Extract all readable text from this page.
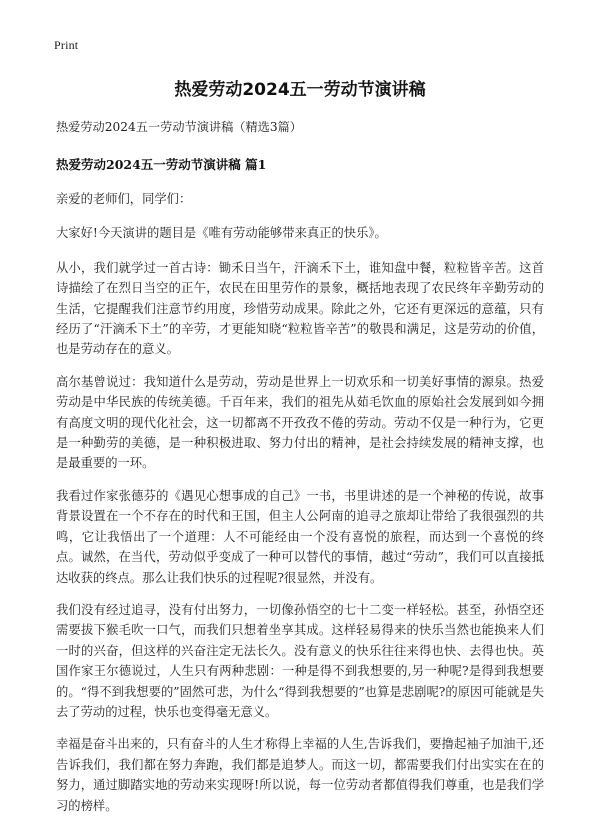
Print
热爱劳动2024五一劳动节演讲稿
热爱劳动2024五一劳动节演讲稿（精选3篇）
热爱劳动2024五一劳动节演讲稿 篇1

亲爱的老师们，同学们：

大家好!今天演讲的题目是《唯有劳动能够带来真正的快乐》。

从小，我们就学过一首古诗：锄禾日当午，汗滴禾下土，谁知盘中餐，粒粒皆辛苦。这首诗描绘了在烈日当空的正午，农民在田里劳作的景象，概括地表现了农民终年辛勤劳动的生活，它提醒我们注意节约用度，珍惜劳动成果。除此之外，它还有更深远的意蕴，只有经历了“汗滴禾下土”的辛劳，才更能知晓“粒粒皆辛苦”的敬畏和满足，这是劳动的价值，也是劳动存在的意义。

高尔基曾说过：我知道什么是劳动，劳动是世界上一切欢乐和一切美好事情的源泉。热爱劳动是中华民族的传统美德。千百年来，我们的祖先从茹毛饮血的原始社会发展到如今拥有高度文明的现代化社会，这一切都离不开孜孜不倦的劳动。劳动不仅是一种行为，它更是一种勤劳的美德，是一种积极进取、努力付出的精神，是社会持续发展的精神支撑，也是最重要的一环。

我看过作家张德芬的《遇见心想事成的自己》一书，书里讲述的是一个神秘的传说，故事背景设置在一个不存在的时代和王国，但主人公阿南的追寻之旅却让带给了我很强烈的共鸣，它让我悟出了一个道理：人不可能经由一个没有喜悦的旅程，而达到一个喜悦的终点。诚然，在当代，劳动似乎变成了一种可以替代的事情，越过“劳动”，我们可以直接抵达收获的终点。那么让我们快乐的过程呢?很显然，并没有。

我们没有经过追寻，没有付出努力，一切像孙悟空的七十二变一样轻松。甚至，孙悟空还需要拔下猴毛吹一口气，而我们只想着坐享其成。这样轻易得来的快乐当然也能换来人们一时的兴奋，但这样的兴奋注定无法长久。没有意义的快乐往往来得也快、去得也快。英国作家王尔德说过，人生只有两种悲剧：一种是得不到我想要的,另一种呢?是得到我想要的。“得不到我想要的”固然可悲，为什么“得到我想要的”也算是悲剧呢?的原因可能就是失去了劳动的过程，快乐也变得毫无意义。

幸福是奋斗出来的，只有奋斗的人生才称得上幸福的人生,告诉我们，要撸起袖子加油干,还告诉我们，我们都在努力奔跑，我们都是追梦人。而这一切，都需要我们付出实实在在的努力，通过脚踏实地的劳动来实现呀!所以说，每一位劳动者都值得我们尊重，也是我们学习的榜样。
